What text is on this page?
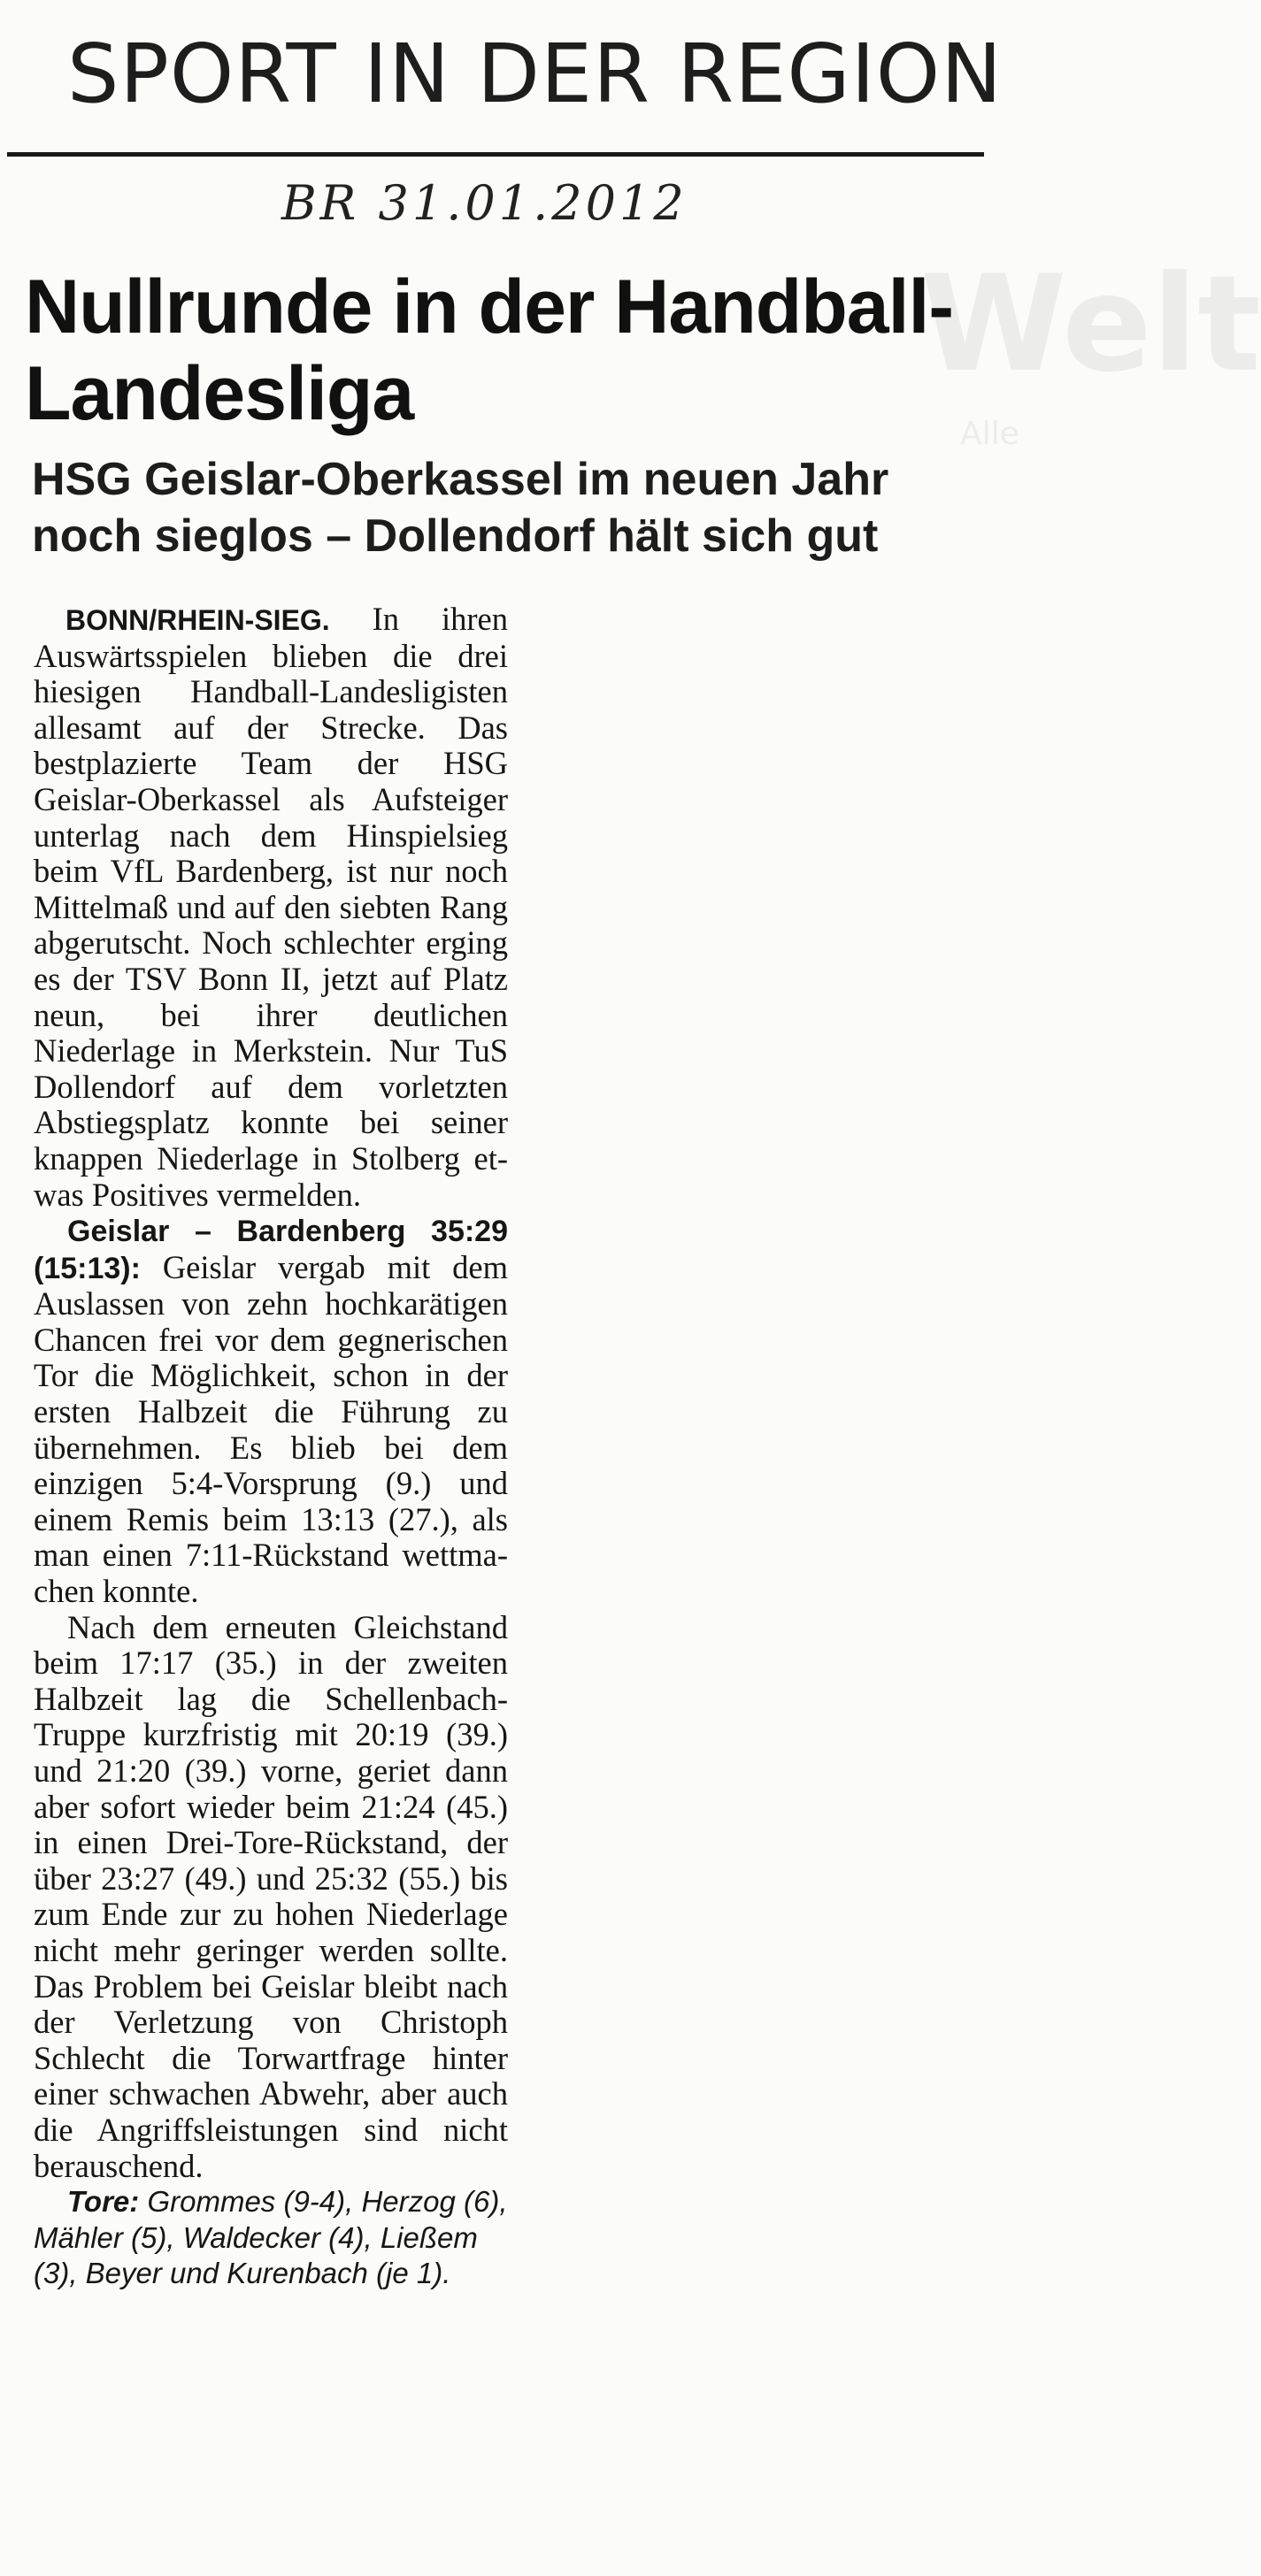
Welt
Alle
SPORT IN DER REGION
BR 31.01.2012
Nullrunde in der Handball-Landesliga
HSG Geislar-Oberkassel im neuen Jahr noch sieglos – Dollendorf hält sich gut

BONN/RHEIN-SIEG. In ihren Auswärtsspielen blieben die drei hiesigen Handball-Landesligisten allesamt auf der Strecke. Das bestplazierte Team der HSG Geislar-Oberkassel als Aufsteiger unterlag nach dem Hinspielsieg beim VfL Bardenberg, ist nur noch Mittelmaß und auf den siebten Rang abgerutscht. Noch schlechter erging es der TSV Bonn II, jetzt auf Platz neun, bei ihrer deutlichen Niederlage in Merkstein. Nur TuS Dollendorf auf dem vorletzten Abstiegsplatz konnte bei seiner knappen Niederlage in Stolberg etwas Positives vermelden.

Geislar – Bardenberg 35:29 (15:13): Geislar vergab mit dem Auslassen von zehn hochkarätigen Chancen frei vor dem gegnerischen Tor die Möglichkeit, schon in der ersten Halbzeit die Führung zu übernehmen. Es blieb bei dem einzigen 5:4-Vorsprung (9.) und einem Remis beim 13:13 (27.), als man einen 7:11-Rückstand wettmachen konnte.

Nach dem erneuten Gleichstand beim 17:17 (35.) in der zweiten Halbzeit lag die Schellenbach-Truppe kurzfristig mit 20:19 (39.) und 21:20 (39.) vorne, geriet dann aber sofort wieder beim 21:24 (45.) in einen Drei-Tore-Rückstand, der über 23:27 (49.) und 25:32 (55.) bis zum Ende zur zu hohen Niederlage nicht mehr geringer werden sollte. Das Problem bei Geislar bleibt nach der Verletzung von Christoph Schlecht die Torwartfrage hinter einer schwachen Abwehr, aber auch die Angriffsleistungen sind nicht berauschend.

Tore: Grommes (9-4), Herzog (6), Mähler (5), Waldecker (4), Ließem (3), Beyer und Kurenbach (je 1).
